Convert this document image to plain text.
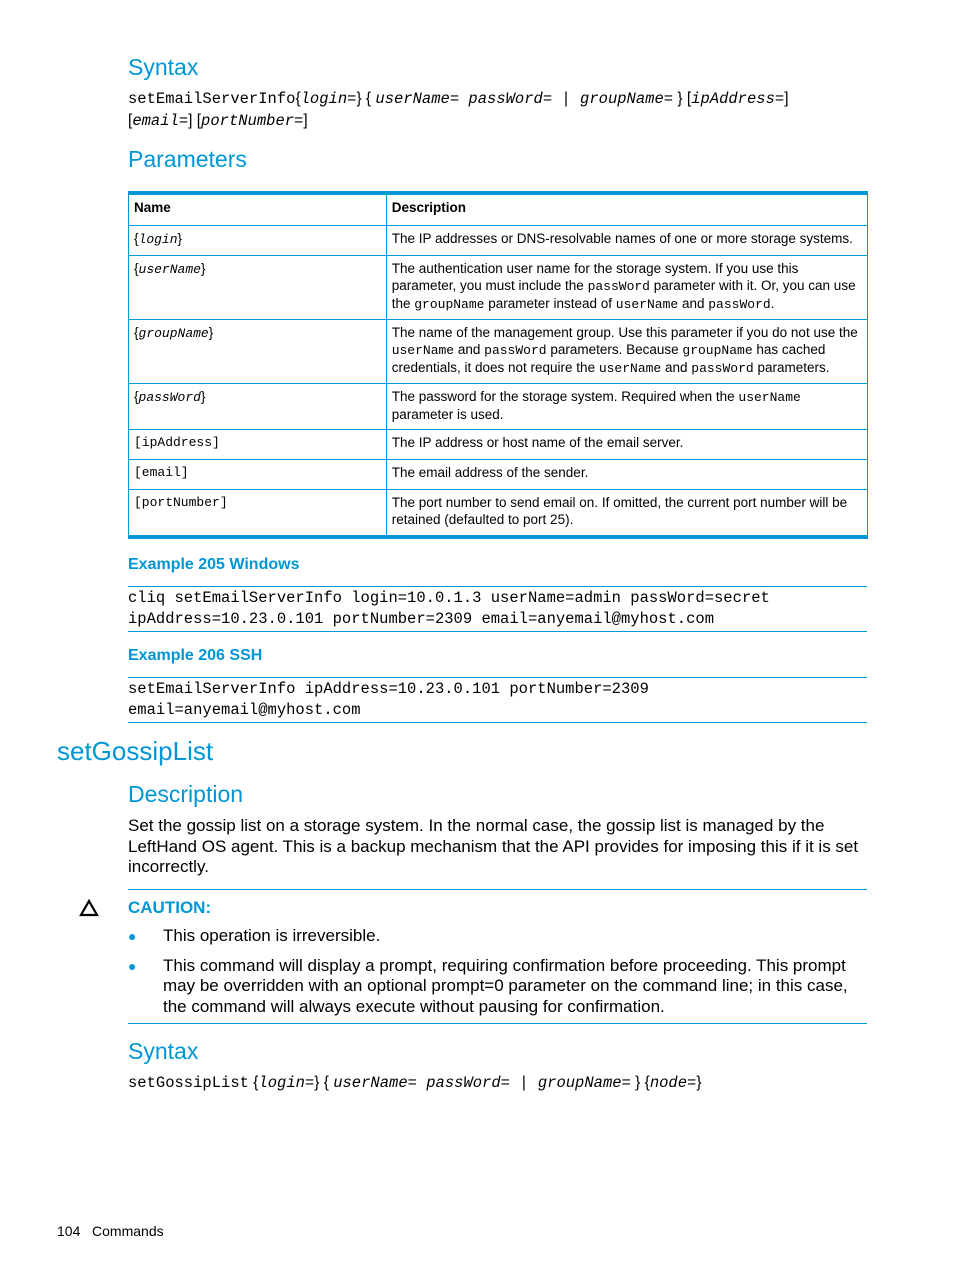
Syntax
setEmailServerInfo{login=} { userName= passWord= | groupName= } [ipAddress=]
[email=] [portNumber=]
Parameters
Name	Description
{login}	The IP addresses or DNS-resolvable names of one or more storage systems.
{userName}	The authentication user name for the storage system. If you use this parameter, you must include the passWord parameter with it. Or, you can use the groupName parameter instead of userName and passWord.
{groupName}	The name of the management group. Use this parameter if you do not use the userName and passWord parameters. Because groupName has cached credentials, it does not require the userName and passWord parameters.
{passWord}	The password for the storage system. Required when the userName parameter is used.
[ipAddress]	The IP address or host name of the email server.
[email]	The email address of the sender.
[portNumber]	The port number to send email on. If omitted, the current port number will be retained (defaulted to port 25).
Example 205 Windows
cliq setEmailServerInfo login=10.0.1.3 userName=admin passWord=secret
ipAddress=10.23.0.101 portNumber=2309 email=anyemail@myhost.com
Example 206 SSH
setEmailServerInfo ipAddress=10.23.0.101 portNumber=2309
email=anyemail@myhost.com
setGossipList
Description
Set the gossip list on a storage system. In the normal case, the gossip list is managed by the LeftHand OS agent. This is a backup mechanism that the API provides for imposing this if it is set incorrectly.
CAUTION:
● This operation is irreversible.
● This command will display a prompt, requiring confirmation before proceeding. This prompt may be overridden with an optional prompt=0 parameter on the command line; in this case, the command will always execute without pausing for confirmation.
Syntax
setGossipList {login=} { userName= passWord= | groupName= } {node=}
104 Commands
